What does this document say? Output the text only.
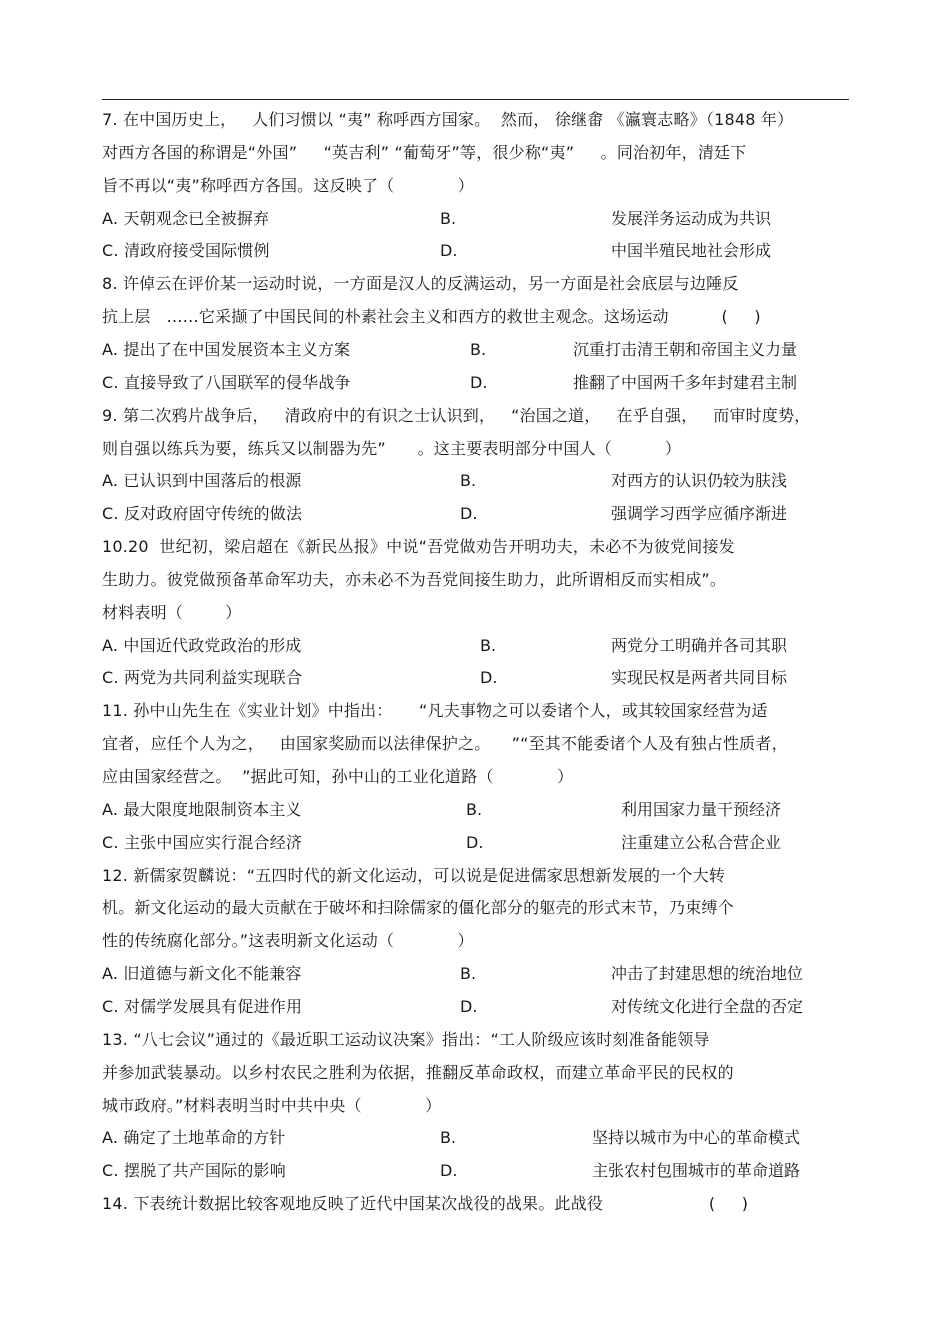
7. 在中国历史上，   人们习惯以 “夷” 称呼西方国家。  然而， 徐继畬 《瀛寰志略》（1848 年）
对西方各国的称谓是“外国”     “英吉利” “葡萄牙”等，很少称“夷”     。同治初年，清廷下
旨不再以“夷”称呼西方各国。这反映了（            ）
A. 天朝观念已全被摒弃	B.	发展洋务运动成为共识
C. 清政府接受国际惯例	D.	中国半殖民地社会形成
8. 许倬云在评价某一运动时说，一方面是汉人的反满运动，另一方面是社会底层与边陲反
抗上层   ……它采撷了中国民间的朴素社会主义和西方的救世主观念。这场运动          (     )
A. 提出了在中国发展资本主义方案	B.	沉重打击清王朝和帝国主义力量
C. 直接导致了八国联军的侵华战争	D.	推翻了中国两千多年封建君主制
9. 第二次鸦片战争后，   清政府中的有识之士认识到，   “治国之道，   在乎自强，   而审时度势，
则自强以练兵为要，练兵又以制器为先”      。这主要表明部分中国人（          ）
A. 已认识到中国落后的根源	B.	对西方的认识仍较为肤浅
C. 反对政府固守传统的做法	D.	强调学习西学应循序渐进
10.20  世纪初，梁启超在《新民丛报》中说“吾党做劝告开明功夫，未必不为彼党间接发
生助力。彼党做预备革命军功夫，亦未必不为吾党间接生助力，此所谓相反而实相成”。
材料表明（        ）
A. 中国近代政党政治的形成	B.	两党分工明确并各司其职
C. 两党为共同利益实现联合	D.	实现民权是两者共同目标
11. 孙中山先生在《实业计划》中指出：     “凡夫事物之可以委诸个人，或其较国家经营为适
宜者，应任个人为之，   由国家奖励而以法律保护之。    ”“至其不能委诸个人及有独占性质者，
应由国家经营之。  ”据此可知，孙中山的工业化道路（            ）
A. 最大限度地限制资本主义	B.	利用国家力量干预经济
C. 主张中国应实行混合经济	D.	注重建立公私合营企业
12. 新儒家贺麟说：“五四时代的新文化运动，可以说是促进儒家思想新发展的一个大转
机。新文化运动的最大贡献在于破坏和扫除儒家的僵化部分的躯壳的形式末节，乃束缚个
性的传统腐化部分。”这表明新文化运动（            ）
A. 旧道德与新文化不能兼容	B.	冲击了封建思想的统治地位
C. 对儒学发展具有促进作用	D.	对传统文化进行全盘的否定
13. “八七会议”通过的《最近职工运动议决案》指出：“工人阶级应该时刻准备能领导
并参加武装暴动。以乡村农民之胜利为依据，推翻反革命政权，而建立革命平民的民权的
城市政府。”材料表明当时中共中央（            ）
A. 确定了土地革命的方针	B.	坚持以城市为中心的革命模式
C. 摆脱了共产国际的影响	D.	主张农村包围城市的革命道路
14. 下表统计数据比较客观地反映了近代中国某次战役的战果。此战役                    (     )
